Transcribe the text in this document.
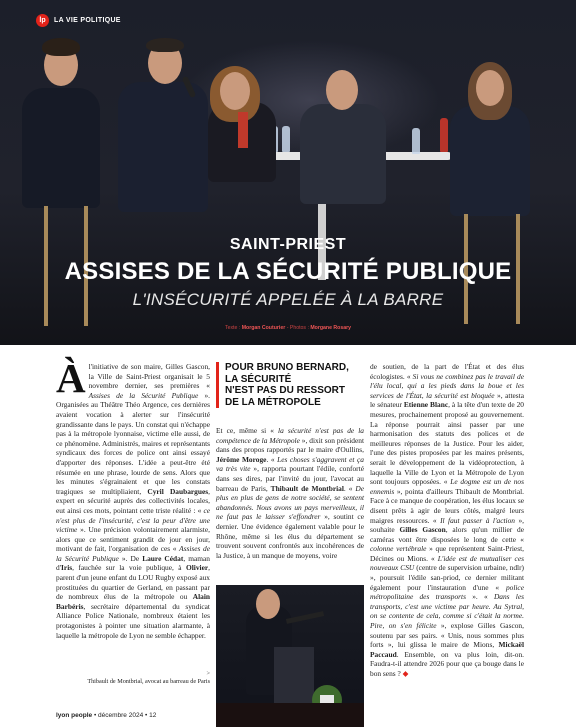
lp	LA VIE POLITIQUE
SAINT-PRIEST
ASSISES DE LA SÉCURITÉ PUBLIQUE
L'INSÉCURITÉ APPELÉE À LA BARRE
Texte : Morgan Couturier - Photos : Morgane Rosary
Àl'initiative de son maire, Gilles Gascon, la Ville de Saint-Priest organisait le 5 novembre dernier, ses premières « Assises de la Sécurité Publique ». Organisées au Théâtre Théo Argence, ces dernières avaient vocation à alerter sur l'insécurité grandissante dans le pays. Un constat qui n'échappe pas à la métropole lyonnaise, victime elle aussi, de ce phénomène. Administrés, maires et représentants syndicaux des forces de police ont ainsi essayé d'apporter des réponses. L'idée a peut-être été résumée en une phrase, lourde de sens. Alors que les minutes s'égrainaient et que les constats tragiques se multipliaient, Cyril Daubargues, expert en sécurité auprès des collectivités locales, eut ainsi ces mots, pointant cette triste réalité : « ce n'est plus de l'insécurité, c'est la peur d'être une victime ». Une précision volontairement alarmiste, alors que ce sentiment grandit de jour en jour, motivant de fait, l'organisation de ces « Assises de la Sécurité Publique ». De Laure Cédat, maman d'Iris, fauchée sur la voie publique, à Olivier, parent d'un jeune enfant du LOU Rugby exposé aux prostituées du quartier de Gerland, en passant par de nombreux élus de la métropole ou Alain Barbéris, secrétaire départemental du syndicat Alliance Police Nationale, nombreux étaient les protagonistes à pointer une situation alarmante, à laquelle la métropole de Lyon ne semble échapper.
>
Thibault de Montbrial, avocat au barreau de Paris
POUR BRUNO BERNARD,
LA SÉCURITÉ
N'EST PAS DU RESSORT
DE LA MÉTROPOLE
Et ce, même si « la sécurité n'est pas de la compétence de la Métropole », dixit son président dans des propos rapportés par le maire d'Oullins, Jérôme Moroge. « Les choses s'aggravent et ça va très vite », rapporta pourtant l'édile, conforté dans ses dires, par l'invité du jour, l'avocat au barreau de Paris, Thibault de Montbrial. « De plus en plus de gens de notre société, se sentent abandonnés. Nous avons un pays merveilleux, il ne faut pas le laisser s'effondrer », soutint ce dernier. Une évidence également valable pour le Rhône, même si les élus du département se trouvent souvent confrontés aux incohérences de la Justice, à un manque de moyens, voire
de soutien, de la part de l'État et des élus écologistes. « Si vous ne combinez pas le travail de l'élu local, qui a les pieds dans la boue et les services de l'État, la sécurité est bloquée », attesta le sénateur Etienne Blanc, à la tête d'un texte de 20 mesures, prochainement proposé au gouvernement. La réponse pourrait ainsi passer par une harmonisation des statuts des polices et de meilleures réponses de la Justice. Pour les aider, l'une des pistes proposées par les maires présents, serait le développement de la vidéoprotection, à laquelle la Ville de Lyon et la Métropole de Lyon sont toujours opposées. « Le dogme est un de nos ennemis », pointa d'ailleurs Thibault de Montbrial. Face à ce manque de coopération, les élus locaux se disent prêts à agir de leurs côtés, malgré leurs maigres ressources. « Il faut passer à l'action », souhaite Gilles Gascon, alors qu'un millier de caméras vont être disposées le long de cette « colonne vertébrale » que représentent Saint-Priest, Décines ou Mions. « L'idée est de mutualiser ces nouveaux CSU (centre de supervision urbaine, ndlr) », poursuit l'édile san-priod, ce dernier militant également pour l'instauration d'une « police métropolitaine des transports ». « Dans les transports, c'est une victime par heure. Au Sytral, on se contente de cela, comme si c'était la norme. Pire, on s'en félicite », explose Gilles Gascon, soutenu par ses pairs. « Unis, nous sommes plus forts », lui glissa le maire de Mions, Mickaël Paccaud. Ensemble, on va plus loin, dit-on. Faudra-t-il attendre 2026 pour que ça bouge dans le bon sens ? ◆
lyon people • décembre 2024 • 12
